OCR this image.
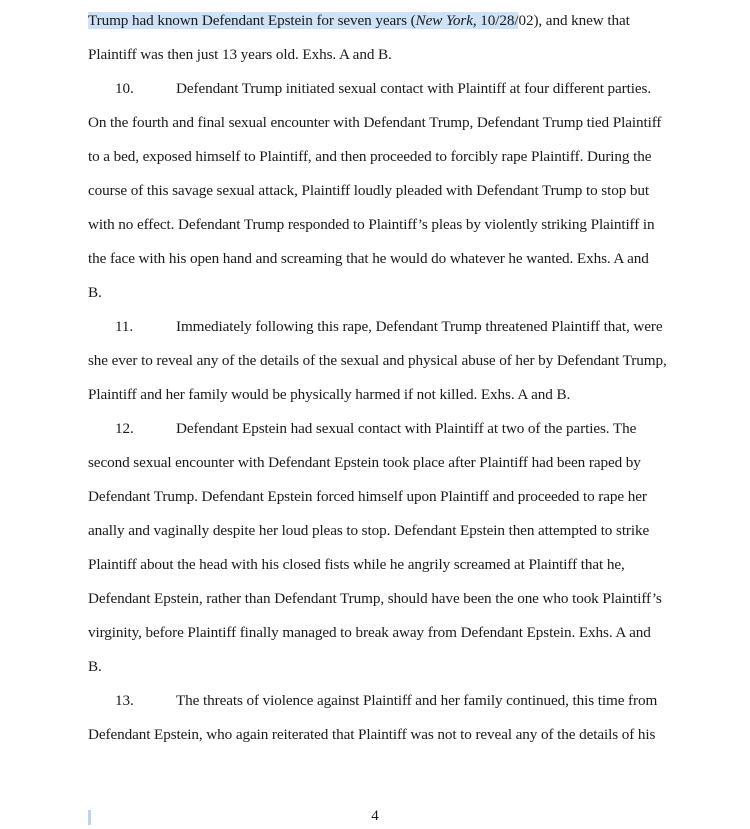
Trump had known Defendant Epstein for seven years (New York, 10/28/02), and knew that
Plaintiff was then just 13 years old. Exhs. A and B.
10.	Defendant Trump initiated sexual contact with Plaintiff at four different parties.
On the fourth and final sexual encounter with Defendant Trump, Defendant Trump tied Plaintiff
to a bed, exposed himself to Plaintiff, and then proceeded to forcibly rape Plaintiff. During the
course of this savage sexual attack, Plaintiff loudly pleaded with Defendant Trump to stop but
with no effect. Defendant Trump responded to Plaintiff’s pleas by violently striking Plaintiff in
the face with his open hand and screaming that he would do whatever he wanted. Exhs. A and
B.
11.	Immediately following this rape, Defendant Trump threatened Plaintiff that, were
she ever to reveal any of the details of the sexual and physical abuse of her by Defendant Trump,
Plaintiff and her family would be physically harmed if not killed. Exhs. A and B.
12.	Defendant Epstein had sexual contact with Plaintiff at two of the parties. The
second sexual encounter with Defendant Epstein took place after Plaintiff had been raped by
Defendant Trump. Defendant Epstein forced himself upon Plaintiff and proceeded to rape her
anally and vaginally despite her loud pleas to stop. Defendant Epstein then attempted to strike
Plaintiff about the head with his closed fists while he angrily screamed at Plaintiff that he,
Defendant Epstein, rather than Defendant Trump, should have been the one who took Plaintiff’s
virginity, before Plaintiff finally managed to break away from Defendant Epstein. Exhs. A and
B.
13.	The threats of violence against Plaintiff and her family continued, this time from
Defendant Epstein, who again reiterated that Plaintiff was not to reveal any of the details of his
4
